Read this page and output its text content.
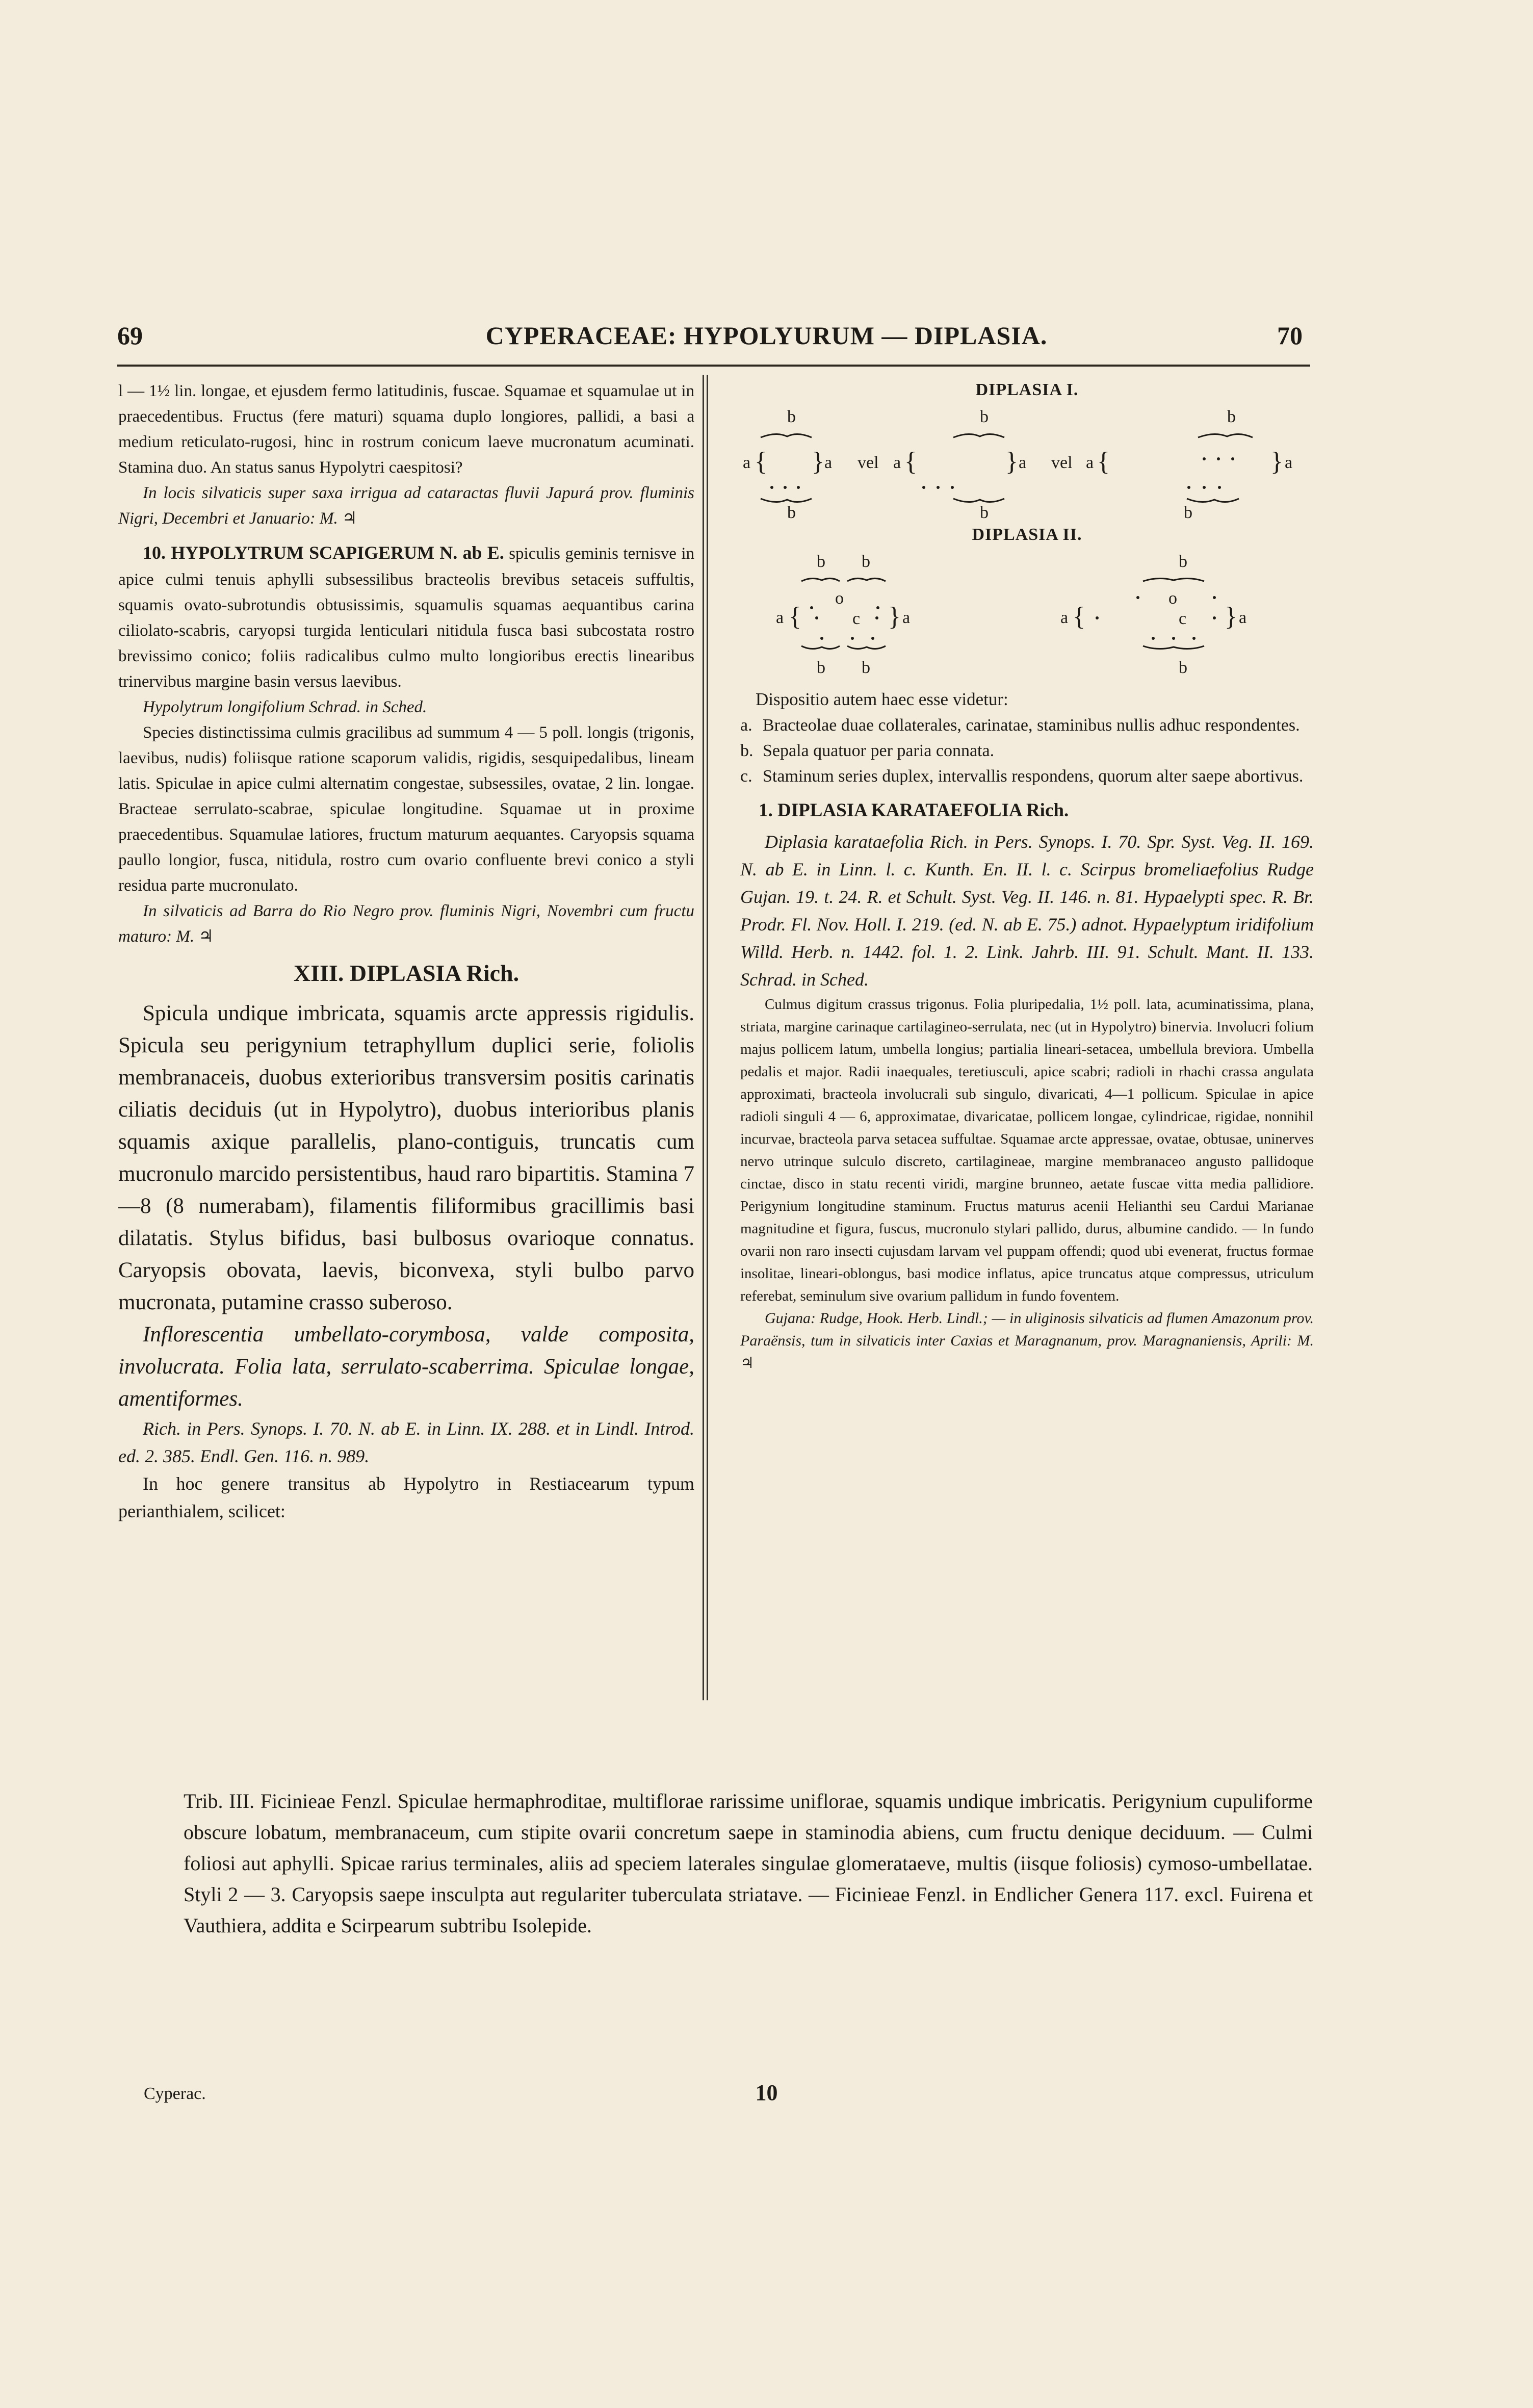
69	CYPERACEAE: HYPOLYURUM — DIPLASIA.	70

l — 1½ lin. longae, et ejusdem fermo latitudinis, fuscae. Squamae et squamulae ut in praecedentibus. Fructus (fere maturi) squama duplo longiores, pallidi, a basi a medium reticulato-rugosi, hinc in rostrum conicum laeve mucronatum acuminati. Stamina duo. An status sanus Hypolytri caespitosi?

In locis silvaticis super saxa irrigua ad cataractas fluvii Japurá prov. fluminis Nigri, Decembri et Januario: M. ♃

10. HYPOLYTRUM SCAPIGERUM N. ab E. spiculis geminis ternisve in apice culmi tenuis aphylli subsessilibus bracteolis brevibus setaceis suffultis, squamis ovato-subrotundis obtusissimis, squamulis squamas aequantibus carina ciliolato-scabris, caryopsi turgida lenticulari nitidula fusca basi subcostata rostro brevissimo conico; foliis radicalibus culmo multo longioribus erectis linearibus trinervibus margine basin versus laevibus.

Hypolytrum longifolium Schrad. in Sched.

Species distinctissima culmis gracilibus ad summum 4 — 5 poll. longis (trigonis, laevibus, nudis) foliisque ratione scaporum validis, rigidis, sesquipedalibus, lineam latis. Spiculae in apice culmi alternatim congestae, subsessiles, ovatae, 2 lin. longae. Bracteae serrulato-scabrae, spiculae longitudine. Squamae ut in proxime praecedentibus. Squamulae latiores, fructum maturum aequantes. Caryopsis squama paullo longior, fusca, nitidula, rostro cum ovario confluente brevi conico a styli residua parte mucronulato.

In silvaticis ad Barra do Rio Negro prov. fluminis Nigri, Novembri cum fructu maturo: M. ♃

XIII. DIPLASIA Rich.

Spicula undique imbricata, squamis arcte appressis rigidulis. Spicula seu perigynium tetraphyllum duplici serie, foliolis membranaceis, duobus exterioribus transversim positis carinatis ciliatis deciduis (ut in Hypolytro), duobus interioribus planis squamis axique parallelis, plano-contiguis, truncatis cum mucronulo marcido persistentibus, haud raro bipartitis. Stamina 7—8 (8 numerabam), filamentis filiformibus gracillimis basi dilatatis. Stylus bifidus, basi bulbosus ovarioque connatus. Caryopsis obovata, laevis, biconvexa, styli bulbo parvo mucronata, putamine crasso suberoso.

Inflorescentia umbellato-corymbosa, valde composita, involucrata. Folia lata, serrulato-scaberrima. Spiculae longae, amentiformes.

Rich. in Pers. Synops. I. 70. N. ab E. in Linn. IX. 288. et in Lindl. Introd. ed. 2. 385. Endl. Gen. 116. n. 989.

In hoc genere transitus ab Hypolytro in Restiacearum typum perianthialem, scilicet:

DIPLASIA I.
b
a { } a
b
vel
b
a {	} a
b
vel
b
a {	} a
b
DIPLASIA II.
b b
a {
o
c } a
b b
b
a {
o
c } a
b

Dispositio autem haec esse videtur:

a. Bracteolae duae collaterales, carinatae, staminibus nullis adhuc respondentes.
b. Sepala quatuor per paria connata.
c. Staminum series duplex, intervallis respondens, quorum alter saepe abortivus.
1. DIPLASIA KARATAEFOLIA Rich.

Diplasia karataefolia Rich. in Pers. Synops. I. 70. Spr. Syst. Veg. II. 169. N. ab E. in Linn. l. c. Kunth. En. II. l. c. Scirpus bromeliaefolius Rudge Gujan. 19. t. 24. R. et Schult. Syst. Veg. II. 146. n. 81. Hypaelypti spec. R. Br. Prodr. Fl. Nov. Holl. I. 219. (ed. N. ab E. 75.) adnot. Hypaelyptum iridifolium Willd. Herb. n. 1442. fol. 1. 2. Link. Jahrb. III. 91. Schult. Mant. II. 133. Schrad. in Sched.

Culmus digitum crassus trigonus. Folia pluripedalia, 1½ poll. lata, acuminatissima, plana, striata, margine carinaque cartilagineo-serrulata, nec (ut in Hypolytro) binervia. Involucri folium majus pollicem latum, umbella longius; partialia lineari-setacea, umbellula breviora. Umbella pedalis et major. Radii inaequales, teretiusculi, apice scabri; radioli in rhachi crassa angulata approximati, bracteola involucrali sub singulo, divaricati, 4—1 pollicum. Spiculae in apice radioli singuli 4 — 6, approximatae, divaricatae, pollicem longae, cylindricae, rigidae, nonnihil incurvae, bracteola parva setacea suffultae. Squamae arcte appressae, ovatae, obtusae, uninerves nervo utrinque sulculo discreto, cartilagineae, margine membranaceo angusto pallidoque cinctae, disco in statu recenti viridi, margine brunneo, aetate fuscae vitta media pallidiore. Perigynium longitudine staminum. Fructus maturus acenii Helianthi seu Cardui Marianae magnitudine et figura, fuscus, mucronulo stylari pallido, durus, albumine candido. — In fundo ovarii non raro insecti cujusdam larvam vel puppam offendi; quod ubi evenerat, fructus formae insolitae, lineari-oblongus, basi modice inflatus, apice truncatus atque compressus, utriculum referebat, seminulum sive ovarium pallidum in fundo foventem.

Gujana: Rudge, Hook. Herb. Lindl.; — in uliginosis silvaticis ad flumen Amazonum prov. Paraënsis, tum in silvaticis inter Caxias et Maragnanum, prov. Maragnaniensis, Aprili: M. ♃

Trib. III. Ficinieae Fenzl. Spiculae hermaphroditae, multiflorae rarissime uniflorae, squamis undique imbricatis. Perigynium cupuliforme obscure lobatum, membranaceum, cum stipite ovarii concretum saepe in staminodia abiens, cum fructu denique deciduum. — Culmi foliosi aut aphylli. Spicae rarius terminales, aliis ad speciem laterales singulae glomerataeve, multis (iisque foliosis) cymoso-umbellatae. Styli 2 — 3. Caryopsis saepe insculpta aut regulariter tuberculata striatave. — Ficinieae Fenzl. in Endlicher Genera 117. excl. Fuirena et Vauthiera, addita e Scirpearum subtribu Isolepide.

Cyperac.	10
